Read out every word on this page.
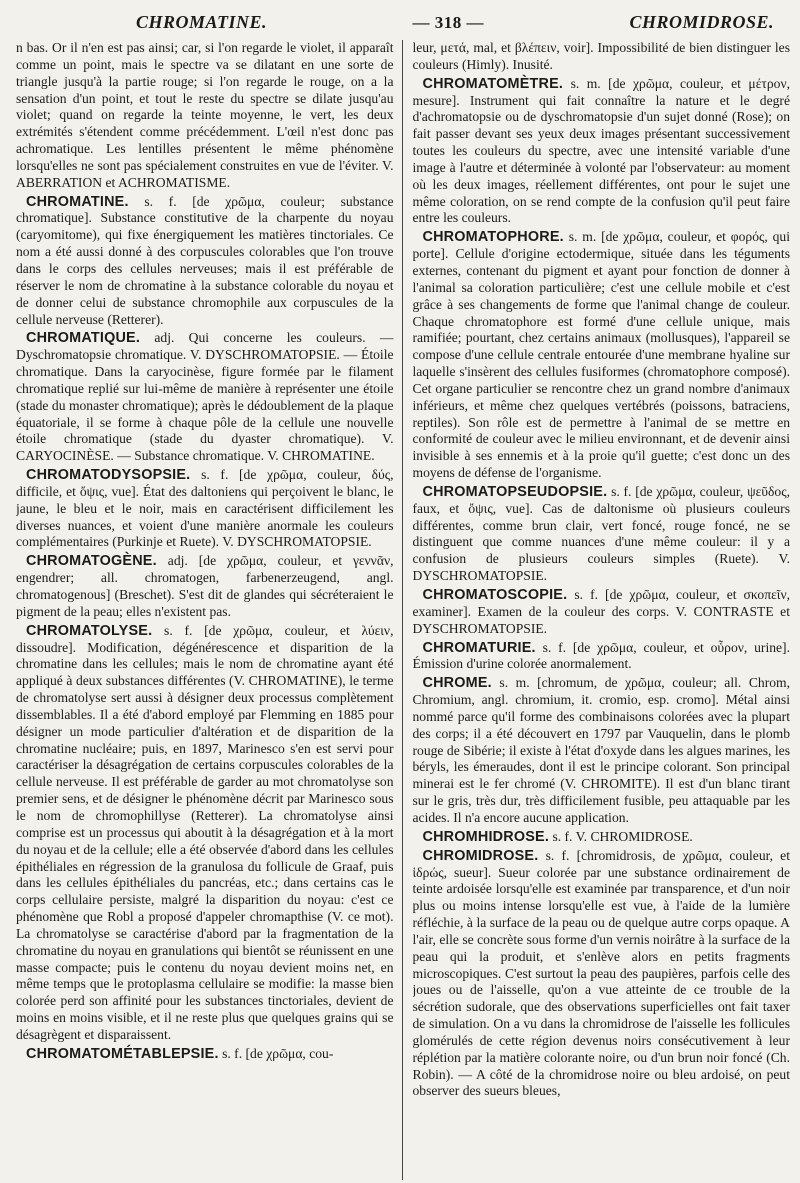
CHROMATINE.	— 318 —	CHROMIDROSE.

n bas. Or il n'en est pas ainsi; car, si l'on regarde le violet, il apparaît comme un point, mais le spectre va se dilatant en une sorte de triangle jusqu'à la partie rouge; si l'on regarde le rouge, on a la sensation d'un point, et tout le reste du spectre se dilate jusqu'au violet; quand on regarde la teinte moyenne, le vert, les deux extrémités s'étendent comme précédemment. L'œil n'est donc pas achromatique. Les lentilles présentent le même phénomène lorsqu'elles ne sont pas spécialement construites en vue de l'éviter. V. ABERRATION et ACHROMATISME.

CHROMATINE. s. f. [de χρῶμα, couleur; substance chromatique]. Substance constitutive de la charpente du noyau (caryomitome), qui fixe énergiquement les matières tinctoriales. Ce nom a été aussi donné à des corpuscules colorables que l'on trouve dans le corps des cellules nerveuses; mais il est préférable de réserver le nom de chromatine à la substance colorable du noyau et de donner celui de substance chromophile aux corpuscules de la cellule nerveuse (Retterer).

CHROMATIQUE. adj. Qui concerne les couleurs. — Dyschromatopsie chromatique. V. DYSCHROMATOPSIE. — Étoile chromatique. Dans la caryocinèse, figure formée par le filament chromatique replié sur lui-même de manière à représenter une étoile (stade du monaster chromatique); après le dédoublement de la plaque équatoriale, il se forme à chaque pôle de la cellule une nouvelle étoile chromatique (stade du dyaster chromatique). V. CARYOCINÈSE. — Substance chromatique. V. CHROMATINE.

CHROMATODYSOPSIE. s. f. [de χρῶμα, couleur, δύς, difficile, et ὄψις, vue]. État des daltoniens qui perçoivent le blanc, le jaune, le bleu et le noir, mais en caractérisent difficilement les diverses nuances, et voient d'une manière anormale les couleurs complémentaires (Purkinje et Ruete). V. DYSCHROMATOPSIE.

CHROMATOGÈNE. adj. [de χρῶμα, couleur, et γεννᾶν, engendrer; all. chromatogen, farbenerzeugend, angl. chromatogenous] (Breschet). S'est dit de glandes qui sécréteraient le pigment de la peau; elles n'existent pas.

CHROMATOLYSE. s. f. [de χρῶμα, couleur, et λύειν, dissoudre]. Modification, dégénérescence et disparition de la chromatine dans les cellules; mais le nom de chromatine ayant été appliqué à deux substances différentes (V. CHROMATINE), le terme de chromatolyse sert aussi à désigner deux processus complètement dissemblables. Il a été d'abord employé par Flemming en 1885 pour désigner un mode particulier d'altération et de disparition de la chromatine nucléaire; puis, en 1897, Marinesco s'en est servi pour caractériser la désagrégation de certains corpuscules colorables de la cellule nerveuse. Il est préférable de garder au mot chromatolyse son premier sens, et de désigner le phénomène décrit par Marinesco sous le nom de chromophillyse (Retterer). La chromatolyse ainsi comprise est un processus qui aboutit à la désagrégation et à la mort du noyau et de la cellule; elle a été observée d'abord dans les cellules épithéliales en régression de la granulosa du follicule de Graaf, puis dans les cellules épithéliales du pancréas, etc.; dans certains cas le corps cellulaire persiste, malgré la disparition du noyau: c'est ce phénomène que Robl a proposé d'appeler chromapthise (V. ce mot). La chromatolyse se caractérise d'abord par la fragmentation de la chromatine du noyau en granulations qui bientôt se réunissent en une masse compacte; puis le contenu du noyau devient moins net, en même temps que le protoplasma cellulaire se modifie: la masse bien colorée perd son affinité pour les substances tinctoriales, devient de moins en moins visible, et il ne reste plus que quelques grains qui se désagrègent et disparaissent.

CHROMATOMÉTABLEPSIE. s. f. [de χρῶμα, cou-

leur, μετά, mal, et βλέπειν, voir]. Impossibilité de bien distinguer les couleurs (Himly). Inusité.

CHROMATOMÈTRE. s. m. [de χρῶμα, couleur, et μέτρον, mesure]. Instrument qui fait connaître la nature et le degré d'achromatopsie ou de dyschromatopsie d'un sujet donné (Rose); on fait passer devant ses yeux deux images présentant successivement toutes les couleurs du spectre, avec une intensité variable d'une image à l'autre et déterminée à volonté par l'observateur: au moment où les deux images, réellement différentes, ont pour le sujet une même coloration, on se rend compte de la confusion qu'il peut faire entre les couleurs.

CHROMATOPHORE. s. m. [de χρῶμα, couleur, et φορός, qui porte]. Cellule d'origine ectodermique, située dans les téguments externes, contenant du pigment et ayant pour fonction de donner à l'animal sa coloration particulière; c'est une cellule mobile et c'est grâce à ses changements de forme que l'animal change de couleur. Chaque chromatophore est formé d'une cellule unique, mais ramifiée; pourtant, chez certains animaux (mollusques), l'appareil se compose d'une cellule centrale entourée d'une membrane hyaline sur laquelle s'insèrent des cellules fusiformes (chromatophore composé). Cet organe particulier se rencontre chez un grand nombre d'animaux inférieurs, et même chez quelques vertébrés (poissons, batraciens, reptiles). Son rôle est de permettre à l'animal de se mettre en conformité de couleur avec le milieu environnant, et de devenir ainsi invisible à ses ennemis et à la proie qu'il guette; c'est donc un des moyens de défense de l'organisme.

CHROMATOPSEUDOPSIE. s. f. [de χρῶμα, couleur, ψεῦδος, faux, et ὄψις, vue]. Cas de daltonisme où plusieurs couleurs différentes, comme brun clair, vert foncé, rouge foncé, ne se distinguent que comme nuances d'une même couleur: il y a confusion de plusieurs couleurs simples (Ruete). V. DYSCHROMATOPSIE.

CHROMATOSCOPIE. s. f. [de χρῶμα, couleur, et σκοπεῖν, examiner]. Examen de la couleur des corps. V. CONTRASTE et DYSCHROMATOPSIE.

CHROMATURIE. s. f. [de χρῶμα, couleur, et οὖρον, urine]. Émission d'urine colorée anormalement.

CHROME. s. m. [chromum, de χρῶμα, couleur; all. Chrom, Chromium, angl. chromium, it. cromio, esp. cromo]. Métal ainsi nommé parce qu'il forme des combinaisons colorées avec la plupart des corps; il a été découvert en 1797 par Vauquelin, dans le plomb rouge de Sibérie; il existe à l'état d'oxyde dans les algues marines, les béryls, les émeraudes, dont il est le principe colorant. Son principal minerai est le fer chromé (V. CHROMITE). Il est d'un blanc tirant sur le gris, très dur, très difficilement fusible, peu attaquable par les acides. Il n'a encore aucune application.

CHROMHIDROSE. s. f. V. CHROMIDROSE.

CHROMIDROSE. s. f. [chromidrosis, de χρῶμα, couleur, et ἱδρώς, sueur]. Sueur colorée par une substance ordinairement de teinte ardoisée lorsqu'elle est examinée par transparence, et d'un noir plus ou moins intense lorsqu'elle est vue, à l'aide de la lumière réfléchie, à la surface de la peau ou de quelque autre corps opaque. A l'air, elle se concrète sous forme d'un vernis noirâtre à la surface de la peau qui la produit, et s'enlève alors en petits fragments microscopiques. C'est surtout la peau des paupières, parfois celle des joues ou de l'aisselle, qu'on a vue atteinte de ce trouble de la sécrétion sudorale, que des observations superficielles ont fait taxer de simulation. On a vu dans la chromidrose de l'aisselle les follicules glomérulés de cette région devenus noirs consécutivement à leur réplétion par la matière colorante noire, ou d'un brun noir foncé (Ch. Robin). — A côté de la chromidrose noire ou bleu ardoisé, on peut observer des sueurs bleues,
